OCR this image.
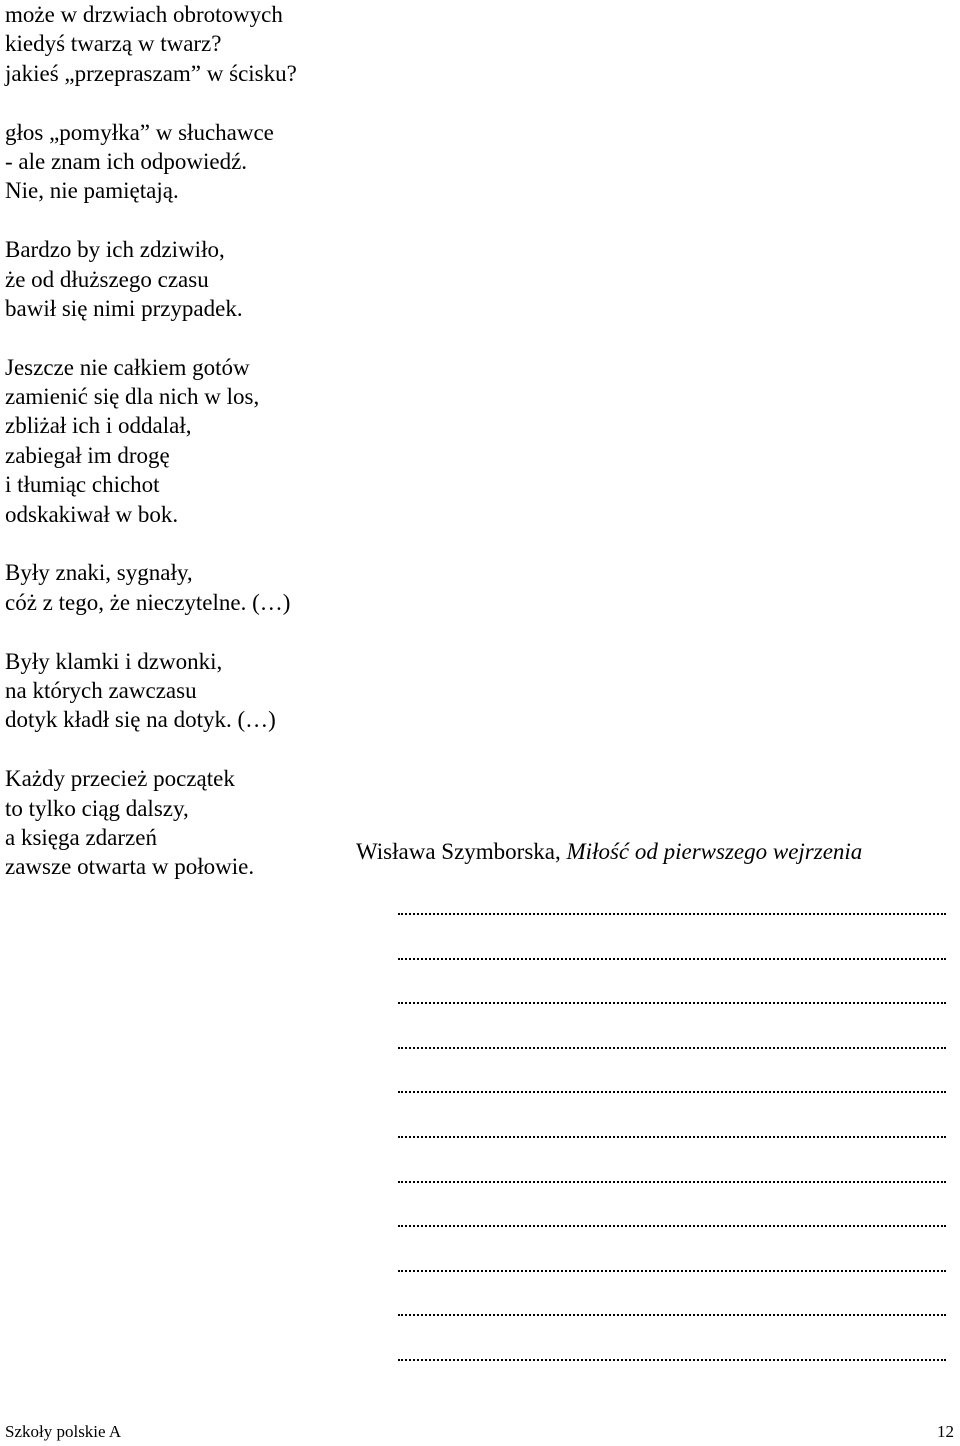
może w drzwiach obrotowych
kiedyś twarzą w twarz?
jakieś „przepraszam” w ścisku?
głos „pomyłka” w słuchawce
- ale znam ich odpowiedź.
Nie, nie pamiętają.
Bardzo by ich zdziwiło,
że od dłuższego czasu
bawił się nimi przypadek.
Jeszcze nie całkiem gotów
zamienić się dla nich w los,
zbliżał ich i oddalał,
zabiegał im drogę
i tłumiąc chichot
odskakiwał w bok.
Były znaki, sygnały,
cóż z tego, że nieczytelne. (…)
Były klamki i dzwonki,
na których zawczasu
dotyk kładł się na dotyk. (…)
Każdy przecież początek
to tylko ciąg dalszy,
a księga zdarzeń
zawsze otwarta w połowie.
Wisława Szymborska, Miłość od pierwszego wejrzenia
Szkoły polskie A	12
